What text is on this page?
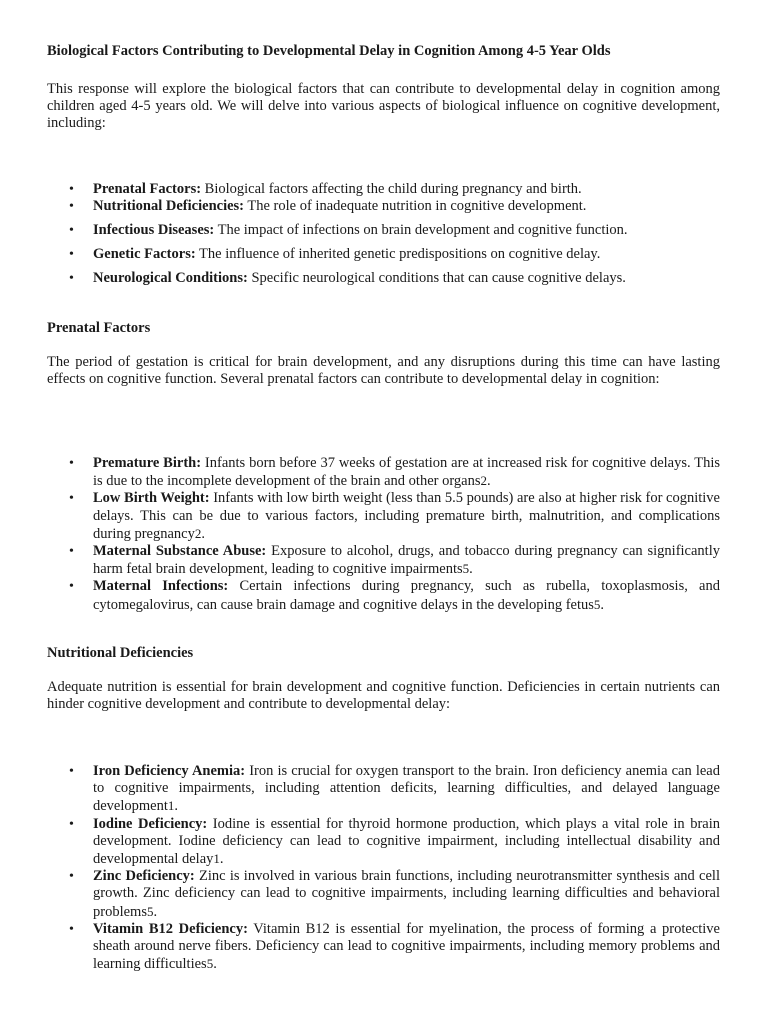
Biological Factors Contributing to Developmental Delay in Cognition Among 4-5 Year Olds
This response will explore the biological factors that can contribute to developmental delay in cognition among children aged 4-5 years old. We will delve into various aspects of biological influence on cognitive development, including:
• Prenatal Factors: Biological factors affecting the child during pregnancy and birth.
• Nutritional Deficiencies: The role of inadequate nutrition in cognitive development.
• Infectious Diseases: The impact of infections on brain development and cognitive function.
• Genetic Factors: The influence of inherited genetic predispositions on cognitive delay.
• Neurological Conditions: Specific neurological conditions that can cause cognitive delays.
Prenatal Factors
The period of gestation is critical for brain development, and any disruptions during this time can have lasting effects on cognitive function. Several prenatal factors can contribute to developmental delay in cognition:
• Premature Birth: Infants born before 37 weeks of gestation are at increased risk for cognitive delays. This is due to the incomplete development of the brain and other organs2.
• Low Birth Weight: Infants with low birth weight (less than 5.5 pounds) are also at higher risk for cognitive delays. This can be due to various factors, including premature birth, malnutrition, and complications during pregnancy2.
• Maternal Substance Abuse: Exposure to alcohol, drugs, and tobacco during pregnancy can significantly harm fetal brain development, leading to cognitive impairments5.
• Maternal Infections: Certain infections during pregnancy, such as rubella, toxoplasmosis, and cytomegalovirus, can cause brain damage and cognitive delays in the developing fetus5.
Nutritional Deficiencies
Adequate nutrition is essential for brain development and cognitive function. Deficiencies in certain nutrients can hinder cognitive development and contribute to developmental delay:
• Iron Deficiency Anemia: Iron is crucial for oxygen transport to the brain. Iron deficiency anemia can lead to cognitive impairments, including attention deficits, learning difficulties, and delayed language development1.
• Iodine Deficiency: Iodine is essential for thyroid hormone production, which plays a vital role in brain development. Iodine deficiency can lead to cognitive impairment, including intellectual disability and developmental delay1.
• Zinc Deficiency: Zinc is involved in various brain functions, including neurotransmitter synthesis and cell growth. Zinc deficiency can lead to cognitive impairments, including learning difficulties and behavioral problems5.
• Vitamin B12 Deficiency: Vitamin B12 is essential for myelination, the process of forming a protective sheath around nerve fibers. Deficiency can lead to cognitive impairments, including memory problems and learning difficulties5.
